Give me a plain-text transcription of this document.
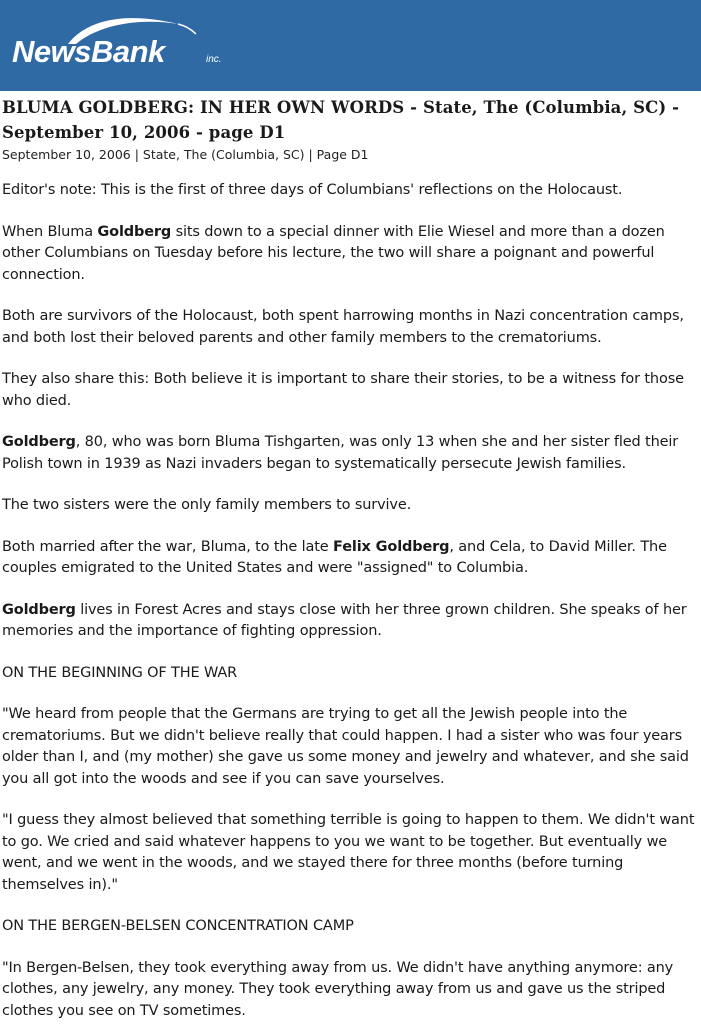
NewsBank	inc.
BLUMA GOLDBERG: IN HER OWN WORDS - State, The (Columbia, SC) - September 10, 2006 - page D1
September 10, 2006 | State, The (Columbia, SC) | Page D1

Editor's note: This is the first of three days of Columbians' reflections on the Holocaust.

When Bluma Goldberg sits down to a special dinner with Elie Wiesel and more than a dozen other Columbians on Tuesday before his lecture, the two will share a poignant and powerful connection.

Both are survivors of the Holocaust, both spent harrowing months in Nazi concentration camps, and both lost their beloved parents and other family members to the crematoriums.

They also share this: Both believe it is important to share their stories, to be a witness for those who died.

Goldberg, 80, who was born Bluma Tishgarten, was only 13 when she and her sister fled their Polish town in 1939 as Nazi invaders began to systematically persecute Jewish families.

The two sisters were the only family members to survive.

Both married after the war, Bluma, to the late Felix Goldberg, and Cela, to David Miller. The couples emigrated to the United States and were "assigned" to Columbia.

Goldberg lives in Forest Acres and stays close with her three grown children. She speaks of her memories and the importance of fighting oppression.

ON THE BEGINNING OF THE WAR

"We heard from people that the Germans are trying to get all the Jewish people into the crematoriums. But we didn't believe really that could happen. I had a sister who was four years older than I, and (my mother) she gave us some money and jewelry and whatever, and she said you all got into the woods and see if you can save yourselves.

"I guess they almost believed that something terrible is going to happen to them. We didn't want to go. We cried and said whatever happens to you we want to be together. But eventually we went, and we went in the woods, and we stayed there for three months (before turning themselves in)."

ON THE BERGEN-BELSEN CONCENTRATION CAMP

"In Bergen-Belsen, they took everything away from us. We didn't have anything anymore: any clothes, any jewelry, any money. They took everything away from us and gave us the striped clothes you see on TV sometimes.
